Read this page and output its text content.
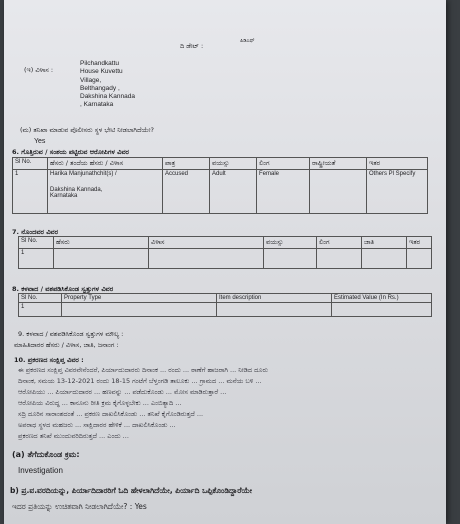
ದಿ ಡೇಟ್ :
ಪಿಡಿಎಫ್
(ಇ) ವಿಳಾಸ :
Pilchandkattu
House Kuvettu
Village,
Belthangady ,
Dakshina Kannada
, Karnataka
(ಮ) ತನಿಖಾ ಮಾಡುವ ಪೊಲೀಸರು ಸ್ಥಳ ಭೇಟಿ ನೀಡಲಾಗಿದೆಯೇ?
Yes
6. ಗೊತ್ತಿರುವ / ಸಂಶಯ ಪಟ್ಟಿರುವ ಆರೋಪಿಗಳ ವಿವರ
Sl No.	ಹೆಸರು / ತಂದೆಯ ಹೆಸರು / ವಿಳಾಸ	ಪಾತ್ರ	ವಯಸ್ಸು	ಲಿಂಗ	ರಾಷ್ಟ್ರೀಯತೆ	ಇತರ
1	Harika Manjunathchit(s) /
Dakshina Kannada,
Karnataka	Accused	Adult	Female		Others Pl Specify
7. ನೊಂದವರ ವಿವರ
Sl No.	ಹೆಸರು	ವಿಳಾಸ	ವಯಸ್ಸು	ಲಿಂಗ	ಜಾತಿ	ಇತರ
1						
8. ಕಳವಾದ / ವಶಪಡಿಸಿಕೊಂಡ ಸ್ವತ್ತುಗಳ ವಿವರ
Sl No.	Property Type	Item description	Estimated Value (In Rs.)
1			
9. ಕಳವಾದ / ವಶಪಡಿಸಿಕೊಂಡ ಸ್ವತ್ತುಗಳ ಮೌಲ್ಯ :
ಮಾಹಿತಿದಾರರ ಹೆಸರು / ವಿಳಾಸ, ಜಾತಿ, ಜನಾಂಗ :
10. ಪ್ರಕರಣದ ಸಂಕ್ಷಿಪ್ತ ವಿವರ :
ಈ ಪ್ರಕರಣದ ಸಂಕ್ಷಿಪ್ತ ವಿವರವೇನೆಂದರೆ, ಪಿರ್ಯಾದುದಾರರು ದಿನಾಂಕ ... ರಂದು ... ಠಾಣೆಗೆ ಹಾಜರಾಗಿ ... ನೀಡಿದ ದೂರು
ದಿನಾಂಕ, ಸಮಯ 13-12-2021 ರಂದು 18-15 ಗಂಟೆಗೆ ಬೆಳ್ತಂಗಡಿ ತಾಲೂಕು ... ಗ್ರಾಮದ ... ಮನೆಯ ಬಳಿ ...
ಆರೋಪಿಯು ... ಪಿರ್ಯಾದುದಾರರ ... ಹಣವನ್ನು ... ಪಡೆದುಕೊಂಡು ... ಮೋಸ ಮಾಡಿರುತ್ತಾರೆ ...
ಆರೋಪಿಯ ವಿರುದ್ಧ ... ಕಾನೂನು ರೀತಿ ಕ್ರಮ ಕೈಗೊಳ್ಳಬೇಕು ... ಎಂಬಿತ್ಯಾದಿ ...
ಸದ್ರಿ ದೂರಿನ ಸಾರಾಂಶದಂತೆ ... ಪ್ರಕರಣ ದಾಖಲಿಸಿಕೊಂಡು ... ತನಿಖೆ ಕೈಗೊಂಡಿರುತ್ತದೆ ...
ಅಪರಾಧ ಸ್ಥಳದ ಮಹಜರು ... ಸಾಕ್ಷಿದಾರರ ಹೇಳಿಕೆ ... ದಾಖಲಿಸಿಕೊಂಡು ...
ಪ್ರಕರಣದ ತನಿಖೆ ಮುಂದುವರಿದಿರುತ್ತದೆ ... ಎಂದು ...
(a) ತೆಗೆದುಕೊಂಡ ಕ್ರಮ:
Investigation
b) ಪ್ರ.ವ.ವರದಿಯನ್ನು, ಪಿರ್ಯಾದಿದಾರರಿಗೆ ಓದಿ ಹೇಳಲಾಗಿದೆಯೇ, ಪಿರ್ಯಾದಿ ಒಪ್ಪಿಕೊಂಡಿದ್ದಾರೆಯೇ
ಇದರ ಪ್ರತಿಯನ್ನು ಉಚಿತವಾಗಿ ನೀಡಲಾಗಿದೆಯೇ? : Yes
